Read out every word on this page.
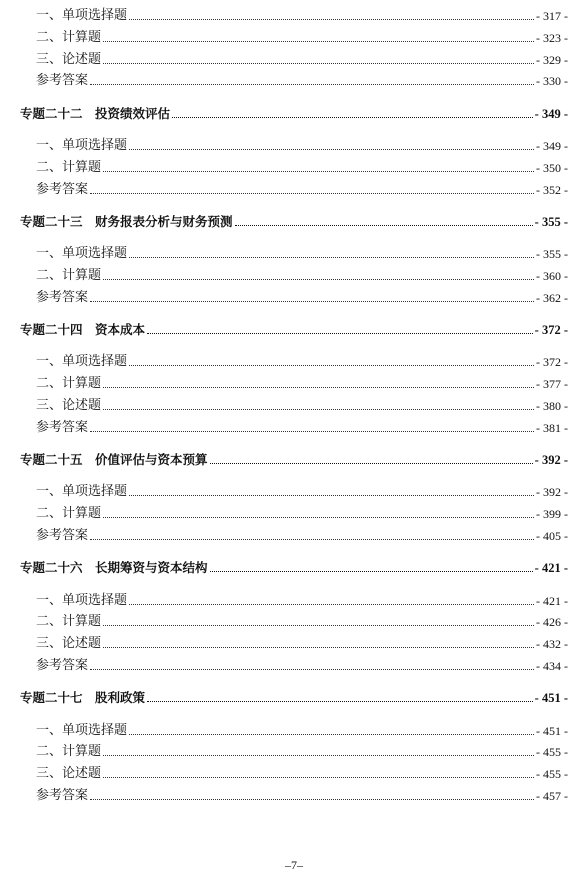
一、单项选择题	- 317 -
二、计算题	- 323 -
三、论述题	- 329 -
参考答案	- 330 -
专题二十二　投资绩效评估	- 349 -
一、单项选择题	- 349 -
二、计算题	- 350 -
参考答案	- 352 -
专题二十三　财务报表分析与财务预测	- 355 -
一、单项选择题	- 355 -
二、计算题	- 360 -
参考答案	- 362 -
专题二十四　资本成本	- 372 -
一、单项选择题	- 372 -
二、计算题	- 377 -
三、论述题	- 380 -
参考答案	- 381 -
专题二十五　价值评估与资本预算	- 392 -
一、单项选择题	- 392 -
二、计算题	- 399 -
参考答案	- 405 -
专题二十六　长期筹资与资本结构	- 421 -
一、单项选择题	- 421 -
二、计算题	- 426 -
三、论述题	- 432 -
参考答案	- 434 -
专题二十七　股利政策	- 451 -
一、单项选择题	- 451 -
二、计算题	- 455 -
三、论述题	- 455 -
参考答案	- 457 -
–7–
